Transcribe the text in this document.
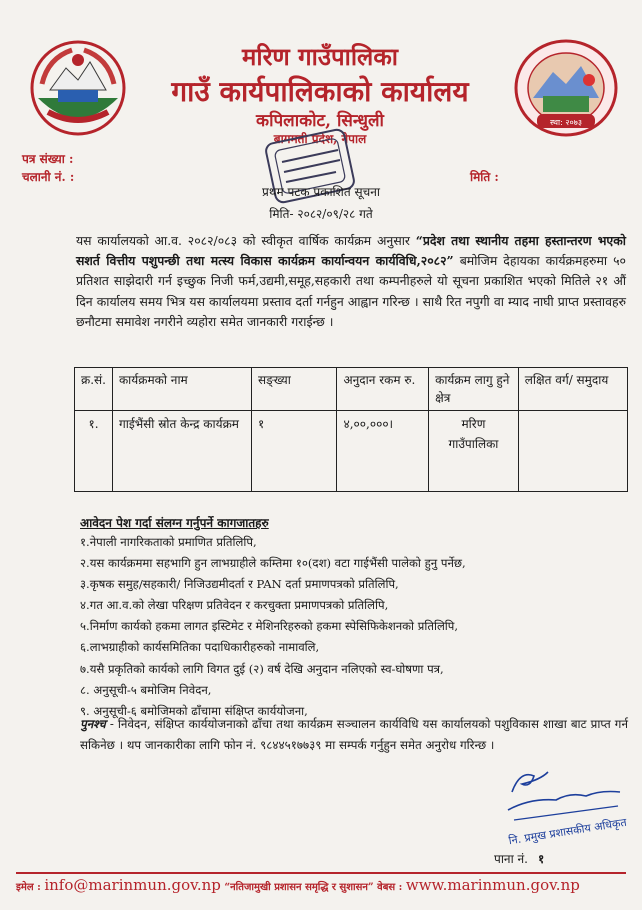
मरिण गाउँपालिका
गाउँ कार्यपालिकाको कार्यालय
कपिलाकोट, सिन्धुली
बागमती प्रदेश, नेपाल
स्था: २०७३
पत्र संख्या :
चलानी नं. :	मिति :
प्रथम पटक प्रकाशित सूचना
मिति- २०८२/०९/२८ गते
यस कार्यालयको आ.व. २०८२/०८३ को स्वीकृत वार्षिक कार्यक्रम अनुसार “प्रदेश तथा स्थानीय तहमा हस्तान्तरण भएको सशर्त वित्तीय पशुपन्छी तथा मत्स्य विकास कार्यक्रम कार्यान्वयन कार्यविधि,२०८२” बमोजिम देहायका कार्यक्रमहरुमा ५० प्रतिशत साझेदारी गर्न इच्छुक निजी फर्म,उद्यमी,समूह,सहकारी तथा कम्पनीहरुले यो सूचना प्रकाशित भएको मितिले २१ औं दिन कार्यालय समय भित्र यस कार्यालयमा प्रस्ताव दर्ता गर्नहुन आह्वान गरिन्छ । साथै रित नपुगी वा म्याद नाघी प्राप्त प्रस्तावहरु छनौटमा समावेश नगरीने व्यहोरा समेत जानकारी गराईन्छ ।
क्र.सं.	कार्यक्रमको नाम	सङ्ख्या	अनुदान रकम रु.	कार्यक्रम लागु हुने क्षेत्र	लक्षित वर्ग/ समुदाय
१.	गाईभैंसी स्रोत केन्द्र कार्यक्रम	१	४,००,०००।	मरिण गाउँपालिका	
आवेदन पेश गर्दा संलग्न गर्नुपर्ने कागजातहरु
१.नेपाली नागरिकताको प्रमाणित प्रतिलिपि,
२.यस कार्यक्रममा सहभागि हुन लाभग्राहीले कम्तिमा १०(दश) वटा गाईभैंसी पालेको हुनु पर्नेछ,
३.कृषक समुह/सहकारी/ निजिउद्यमीदर्ता र PAN दर्ता प्रमाणपत्रको प्रतिलिपि,
४.गत आ.व.को लेखा परिक्षण प्रतिवेदन र करचुक्ता प्रमाणपत्रको प्रतिलिपि,
५.निर्माण कार्यको हकमा लागत इस्टिमेट र मेशिनरिहरुको हकमा स्पेसिफिकेशनको प्रतिलिपि,
६.लाभग्राहीको कार्यसमितिका पदाधिकारीहरुको नामावलि,
७.यसै प्रकृतिको कार्यको लागि विगत दुई (२) वर्ष देखि अनुदान नलिएको स्व-घोषणा पत्र,
८. अनुसूची-५ बमोजिम निवेदन,
९. अनुसूची-६ बमोजिमको ढाँचामा संक्षिप्त कार्ययोजना,
पुनश्च - निवेदन, संक्षिप्त कार्ययोजनाको ढाँचा तथा कार्यक्रम सञ्चालन कार्यविधि यस कार्यालयको पशुविकास शाखा बाट प्राप्त गर्न सकिनेछ । थप जानकारीका लागि फोन नं. ९८४४५१७७३९ मा सम्पर्क गर्नुहुन समेत अनुरोध गरिन्छ ।
नि. प्रमुख प्रशासकीय अधिकृत
पाना नं. १
इमेल : info@marinmun.gov.np “नतिजामुखी प्रशासन समृद्धि र सुशासन” वेबस : www.marinmun.gov.np
